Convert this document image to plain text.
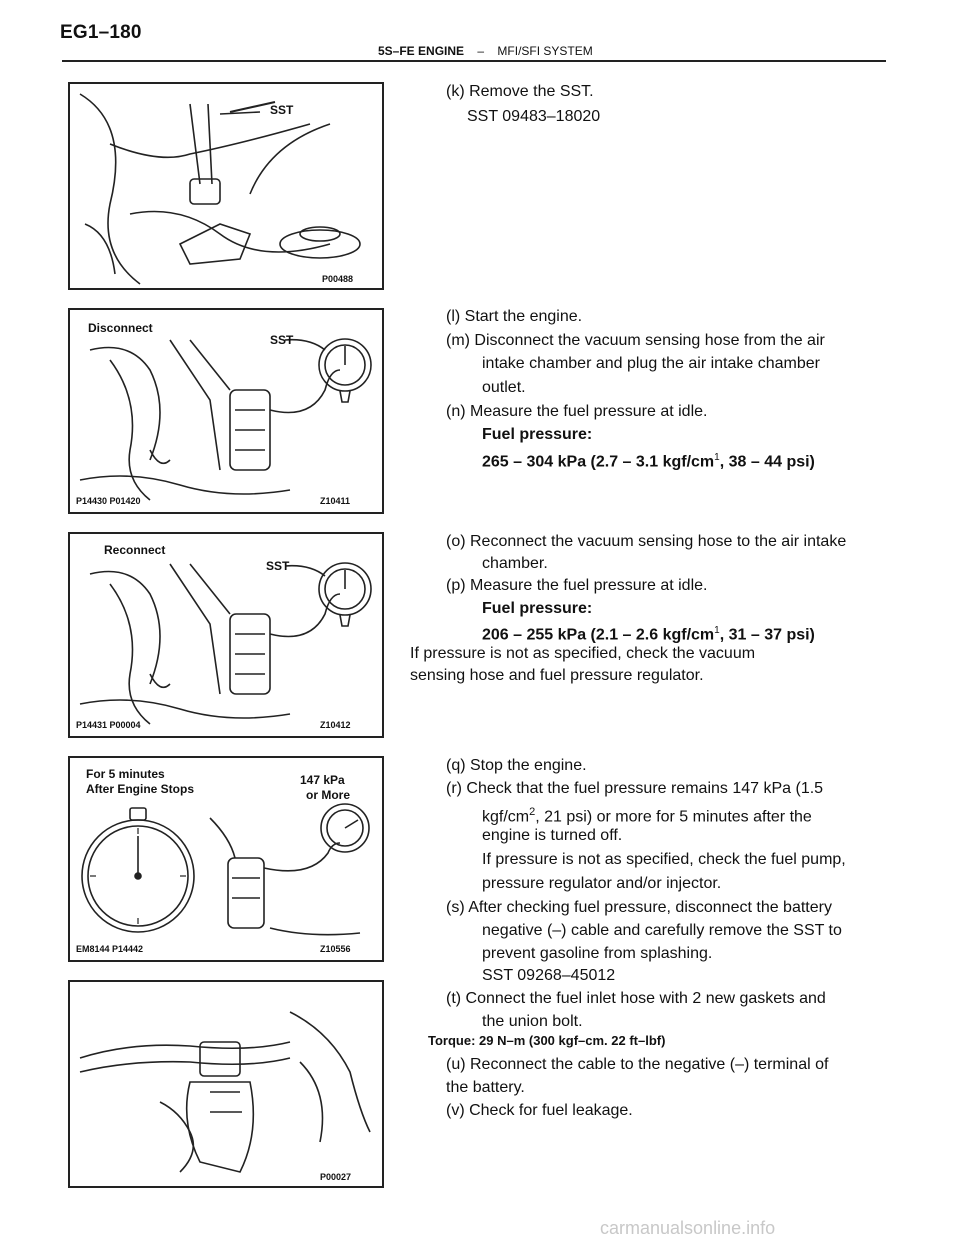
EG1–180
5S–FE ENGINE – MFI/SFI SYSTEM
SST
P00488
Disconnect
SST
P14430 P01420	Z10411
Reconnect
SST
P14431 P00004	Z10412
For 5 minutes
After Engine Stops
147 kPa
or More
EM8144 P14442	Z10556
P00027
(k) Remove the SST.
SST 09483–18020
(l) Start the engine.
(m) Disconnect the vacuum sensing hose from the air
intake chamber and plug the air intake chamber
outlet.
(n) Measure the fuel pressure at idle.
Fuel pressure:
265 – 304 kPa (2.7 – 3.1 kgf/$cm^1$, 38 – 44 psi)
(o) Reconnect the vacuum sensing hose to the air intake
chamber.
(p) Measure the fuel pressure at idle.
Fuel pressure:
206 – 255 kPa (2.1 – 2.6 kgf/$cm^1$, 31 – 37 psi)
If pressure is not as specified, check the vacuum
sensing hose and fuel pressure regulator.
(q) Stop the engine.
(r) Check that the fuel pressure remains 147 kPa (1.5
kgf/$cm^2$, 21 psi) or more for 5 minutes after the
engine is turned off.
If pressure is not as specified, check the fuel pump,
pressure regulator and/or injector.
(s) After checking fuel pressure, disconnect the battery
negative (–) cable and carefully remove the SST to
prevent gasoline from splashing.
SST 09268–45012
(t) Connect the fuel inlet hose with 2 new gaskets and
the union bolt.
Torque: 29 N–m (300 kgf–cm. 22 ft–lbf)
(u) Reconnect the cable to the negative (–) terminal of
the battery.
(v) Check for fuel leakage.
carmanualsonline.info
